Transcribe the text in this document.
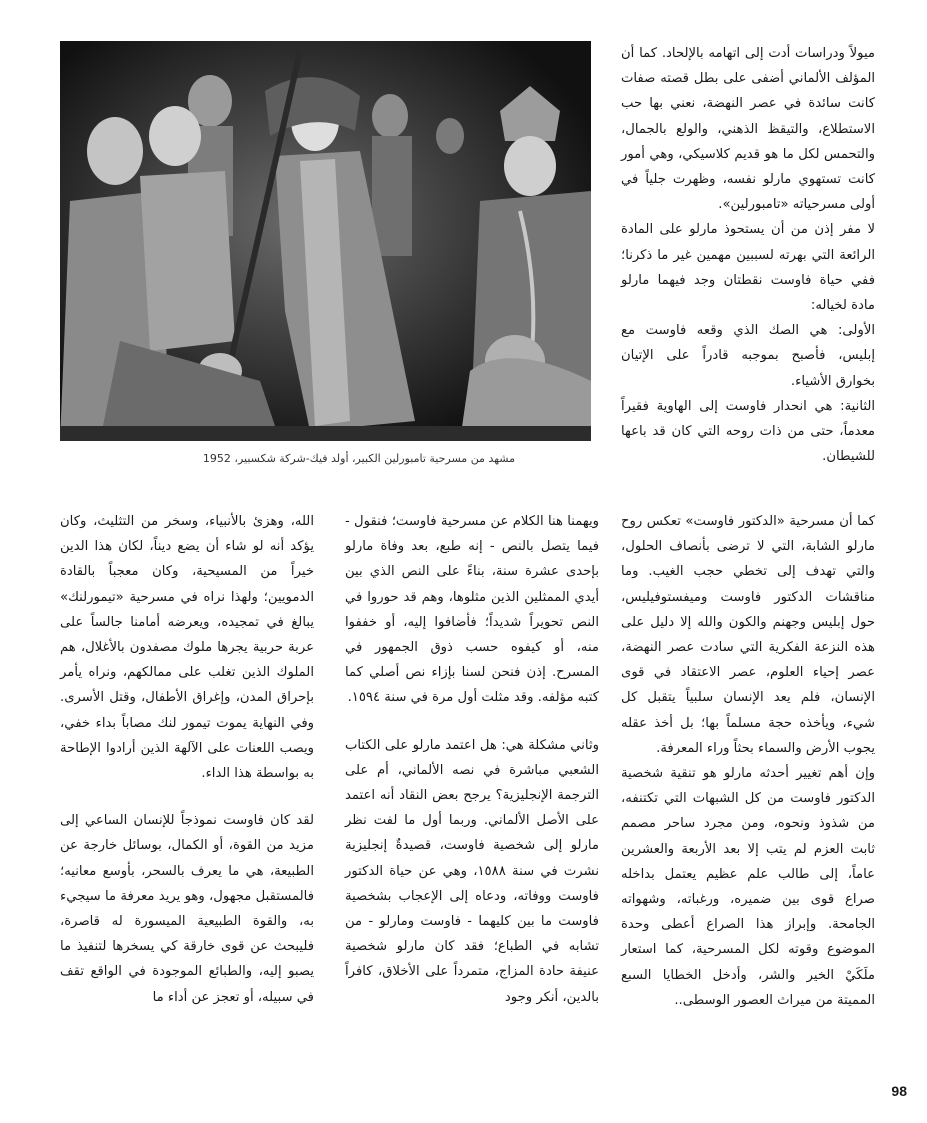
مشهد من مسرحية تامبورلين الكبير، أولد فيك-شركة شكسبير، 1952

ميولاً ودراسات أدت إلى اتهامه بالإلحاد. كما أن المؤلف الألماني أضفى على بطل قصته صفات كانت سائدة في عصر النهضة، نعني بها حب الاستطلاع، والتيقظ الذهني، والولع بالجمال، والتحمس لكل ما هو قديم كلاسيكي، وهي أمور كانت تستهوي مارلو نفسه، وظهرت جلياً في أولى مسرحياته «تامبورلين».

لا مفر إذن من أن يستحوذ مارلو على المادة الرائعة التي بهرته لسببين مهمين غير ما ذكرنا؛ ففي حياة فاوست نقطتان وجد فيهما مارلو مادة لخياله:

الأولى: هي الصك الذي وقعه فاوست مع إبليس، فأصبح بموجبه قادراً على الإتيان بخوارق الأشياء.

الثانية: هي انحدار فاوست إلى الهاوية فقيراً معدماً، حتى من ذات روحه التي كان قد باعها للشيطان.

كما أن مسرحية «الدكتور فاوست» تعكس روح مارلو الشابة، التي لا ترضى بأنصاف الحلول، والتي تهدف إلى تخطي حجب الغيب. وما مناقشات الدكتور فاوست وميفستوفيليس، حول إبليس وجهنم والكون والله إلا دليل على هذه النزعة الفكرية التي سادت عصر النهضة، عصر إحياء العلوم، عصر الاعتقاد في قوى الإنسان، فلم يعد الإنسان سلبياً يتقبل كل شيء، ويأخذه حجة مسلماً بها؛ بل أخذ عقله يجوب الأرض والسماء بحثاً وراء المعرفة.

وإن أهم تغيير أحدثه مارلو هو تنقية شخصية الدكتور فاوست من كل الشبهات التي تكتنفه، من شذوذ ونحوه، ومن مجرد ساحر مصمم ثابت العزم لم يتب إلا بعد الأربعة والعشرين عاماً، إلى طالب علم عظيم يعتمل بداخله صراع قوى بين ضميره، ورغباته، وشهواته الجامحة. وإبراز هذا الصراع أعطى وحدة الموضوع وقوته لكل المسرحية، كما استعار ملَكَيْ الخير والشر، وأدخل الخطايا السبع المميتة من ميراث العصور الوسطى..

ويهمنا هنا الكلام عن مسرحية فاوست؛ فنقول - فيما يتصل بالنص - إنه طبع، بعد وفاة مارلو بإحدى عشرة سنة، بناءً على النص الذي بين أيدي الممثلين الذين مثلوها، وهم قد حوروا في النص تحويراً شديداً؛ فأضافوا إليه، أو خففوا منه، أو كيفوه حسب ذوق الجمهور في المسرح. إذن فنحن لسنا بإزاء نص أصلي كما كتبه مؤلفه. وقد مثلت أول مرة في سنة ١٥٩٤.

وثاني مشكلة هي: هل اعتمد مارلو على الكتاب الشعبي مباشرة في نصه الألماني، أم على الترجمة الإنجليزية؟ يرجح بعض النقاد أنه اعتمد على الأصل الألماني. وربما أول ما لفت نظر مارلو إلى شخصية فاوست، قصيدةٌ إنجليزية نشرت في سنة ١٥٨٨، وهي عن حياة الدكتور فاوست ووفاته، ودعاه إلى الإعجاب بشخصية فاوست ما بين كليهما - فاوست ومارلو - من تشابه في الطباع؛ فقد كان مارلو شخصية عنيفة حادة المزاج، متمرداً على الأخلاق، كافراً بالدين، أنكر وجود

الله، وهزئ بالأنبياء، وسخر من التثليث، وكان يؤكد أنه لو شاء أن يضع ديناً، لكان هذا الدين خيراً من المسيحية، وكان معجباً بالقادة الدمويين؛ ولهذا نراه في مسرحية «تيمورلنك» يبالغ في تمجيده، ويعرضه أمامنا جالساً على عربة حربية يجرها ملوك مصفدون بالأغلال، هم الملوك الذين تغلب على ممالكهم، ونراه يأمر بإحراق المدن، وإغراق الأطفال، وقتل الأسرى. وفي النهاية يموت تيمور لنك مصاباً بداء خفي، ويصب اللعنات على الآلهة الذين أرادوا الإطاحة به بواسطة هذا الداء.

لقد كان فاوست نموذجاً للإنسان الساعي إلى مزيد من القوة، أو الكمال، بوسائل خارجة عن الطبيعة، هي ما يعرف بالسحر، بأوسع معانيه؛ فالمستقبل مجهول، وهو يريد معرفة ما سيجيء به، والقوة الطبيعية الميسورة له قاصرة، فليبحث عن قوى خارقة كي يسخرها لتنفيذ ما يصبو إليه، والطبائع الموجودة في الواقع تقف في سبيله، أو تعجز عن أداء ما

98
